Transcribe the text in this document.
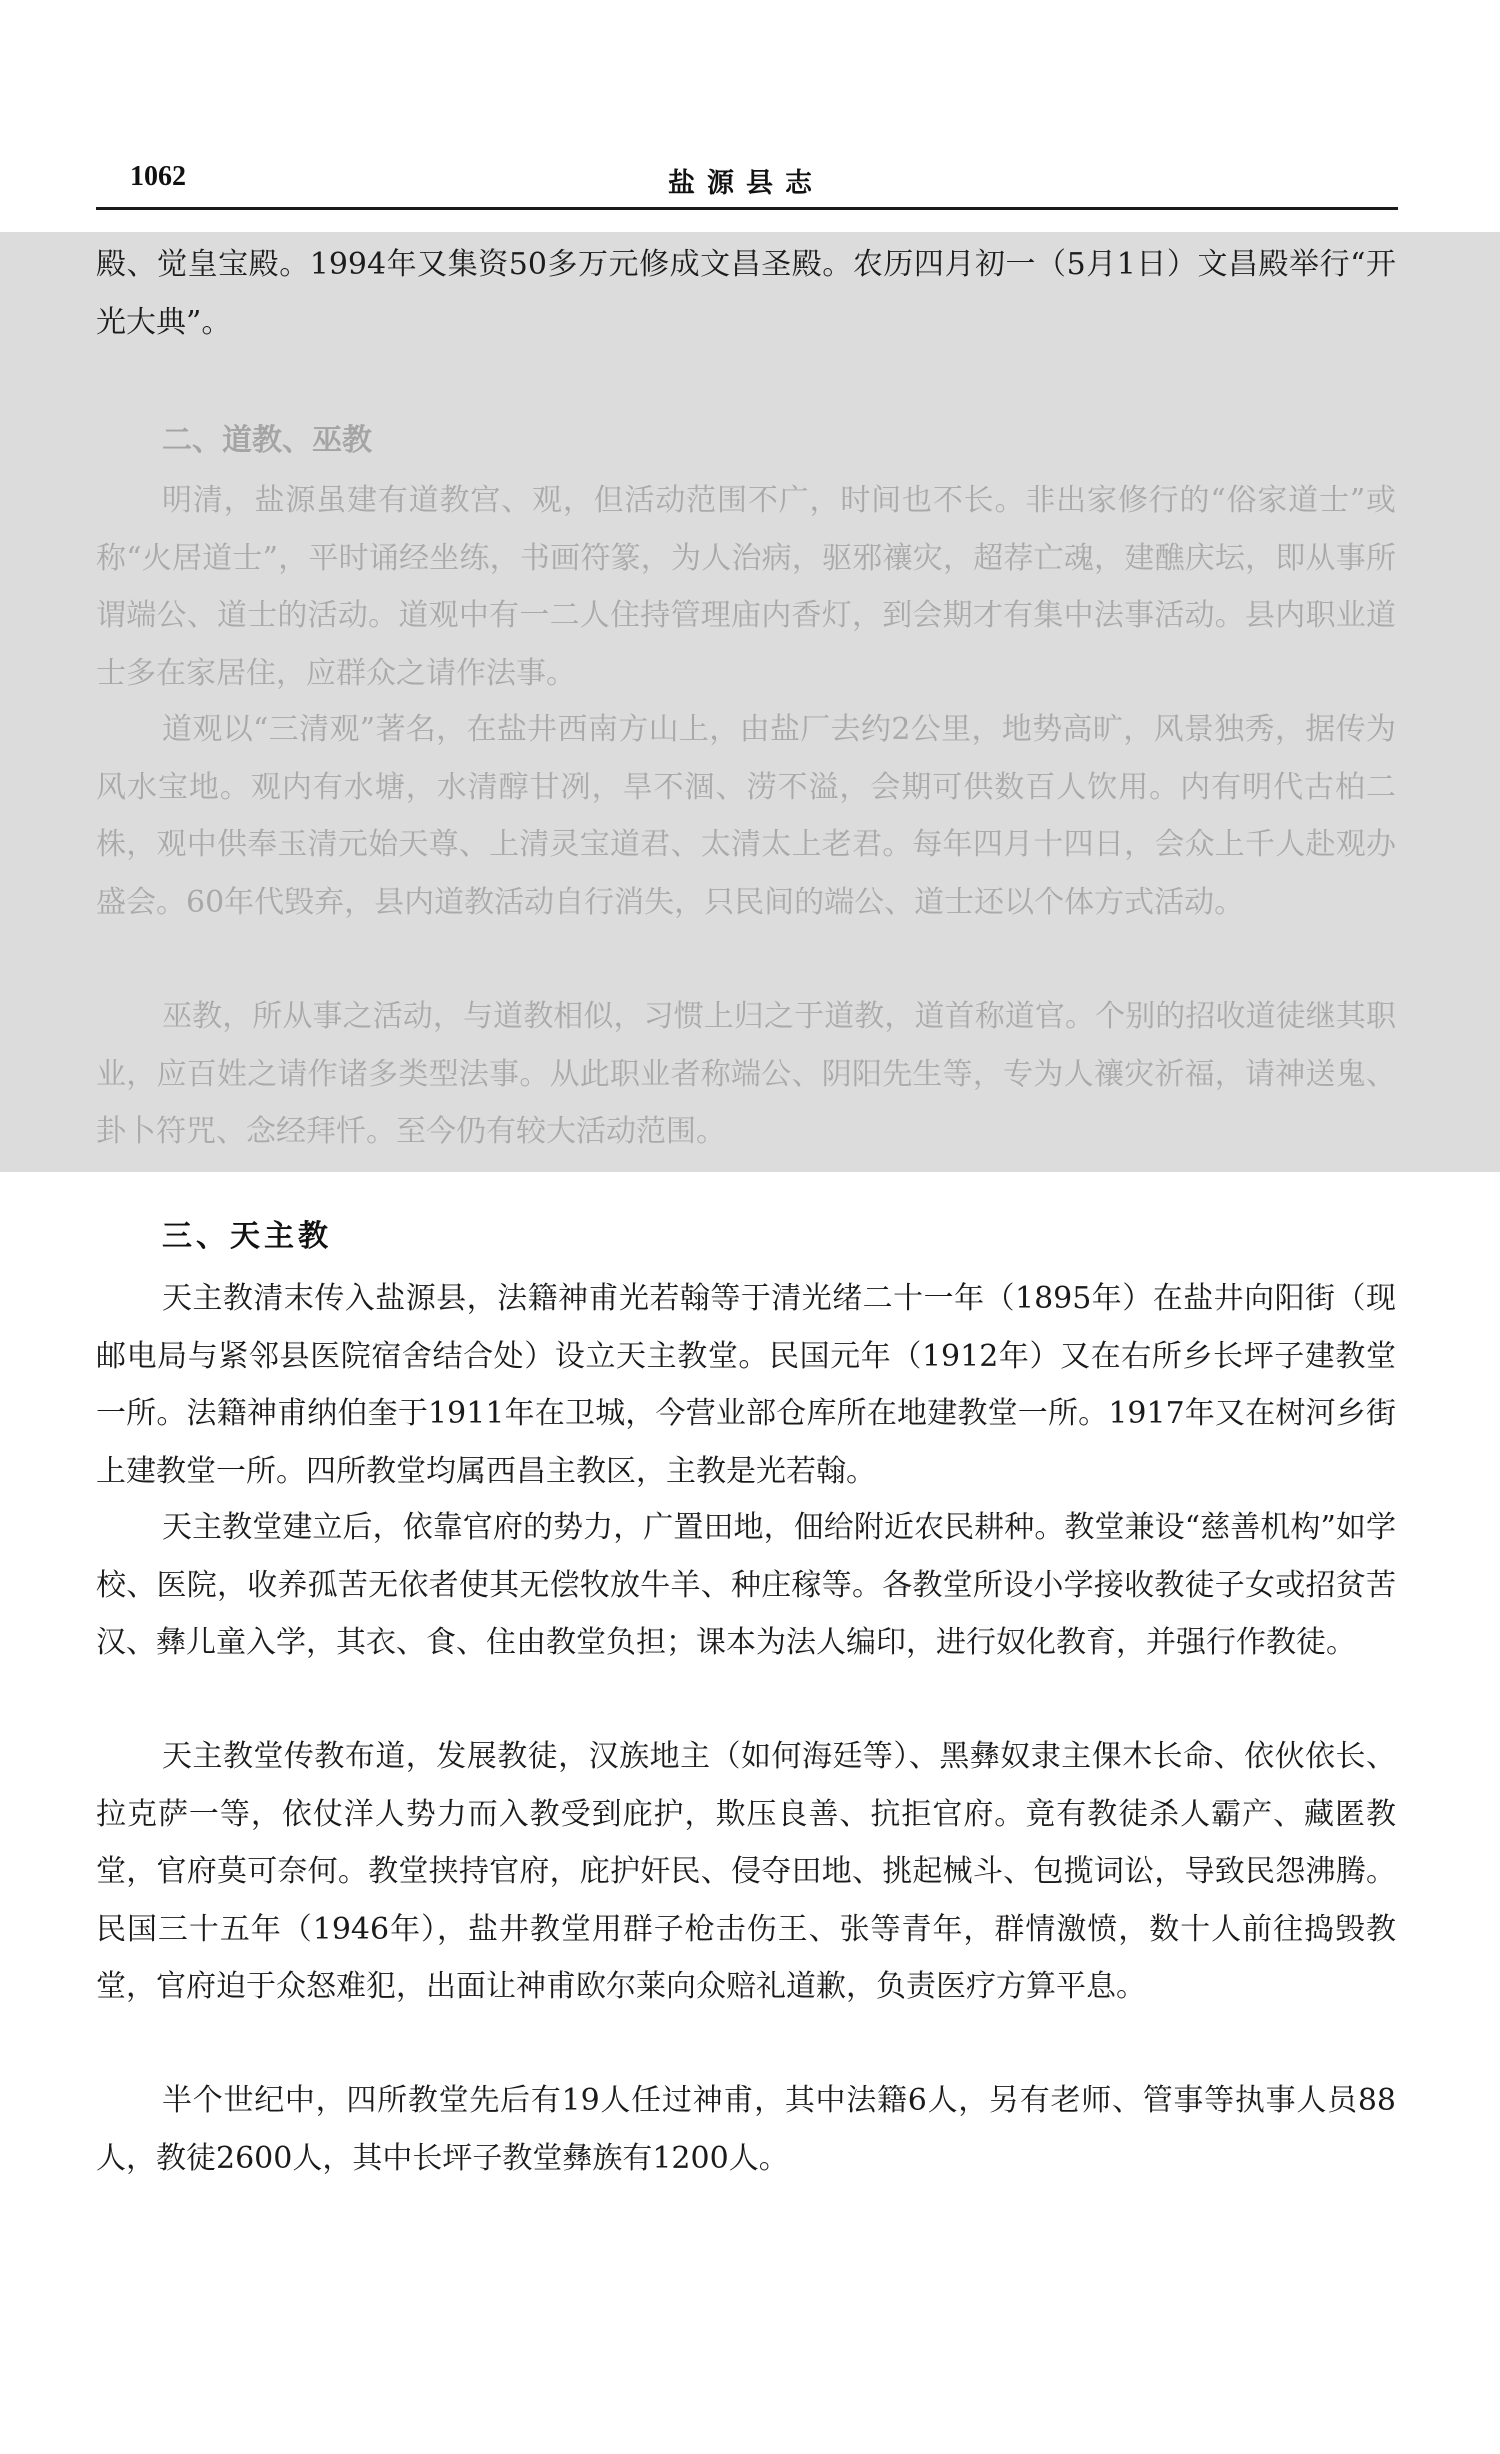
1062	盐源县志

殿、觉皇宝殿。1994年又集资50多万元修成文昌圣殿。农历四月初一（5月1日）文昌殿举行“开光大典”。

二、道教、巫教

明清，盐源虽建有道教宫、观，但活动范围不广，时间也不长。非出家修行的“俗家道士”或称“火居道士”，平时诵经坐练，书画符篆，为人治病，驱邪禳灾，超荐亡魂，建醮庆坛，即从事所谓端公、道士的活动。道观中有一二人住持管理庙内香灯，到会期才有集中法事活动。县内职业道士多在家居住，应群众之请作法事。

道观以“三清观”著名，在盐井西南方山上，由盐厂去约2公里，地势高旷，风景独秀，据传为风水宝地。观内有水塘，水清醇甘冽，旱不涸、涝不溢，会期可供数百人饮用。内有明代古柏二株，观中供奉玉清元始天尊、上清灵宝道君、太清太上老君。每年四月十四日，会众上千人赴观办盛会。60年代毁弃，县内道教活动自行消失，只民间的端公、道士还以个体方式活动。

巫教，所从事之活动，与道教相似，习惯上归之于道教，道首称道官。个别的招收道徒继其职业，应百姓之请作诸多类型法事。从此职业者称端公、阴阳先生等，专为人禳灾祈福，请神送鬼、卦卜符咒、念经拜忏。至今仍有较大活动范围。

三、天主教

天主教清末传入盐源县，法籍神甫光若翰等于清光绪二十一年（1895年）在盐井向阳街（现邮电局与紧邻县医院宿舍结合处）设立天主教堂。民国元年（1912年）又在右所乡长坪子建教堂一所。法籍神甫纳伯奎于1911年在卫城，今营业部仓库所在地建教堂一所。1917年又在树河乡街上建教堂一所。四所教堂均属西昌主教区，主教是光若翰。

天主教堂建立后，依靠官府的势力，广置田地，佃给附近农民耕种。教堂兼设“慈善机构”如学校、医院，收养孤苦无依者使其无偿牧放牛羊、种庄稼等。各教堂所设小学接收教徒子女或招贫苦汉、彝儿童入学，其衣、食、住由教堂负担；课本为法人编印，进行奴化教育，并强行作教徒。

天主教堂传教布道，发展教徒，汉族地主（如何海廷等）、黑彝奴隶主倮木长命、依伙依长、拉克萨一等，依仗洋人势力而入教受到庇护，欺压良善、抗拒官府。竟有教徒杀人霸产、藏匿教堂，官府莫可奈何。教堂挟持官府，庇护奸民、侵夺田地、挑起械斗、包揽词讼，导致民怨沸腾。民国三十五年（1946年），盐井教堂用群子枪击伤王、张等青年，群情激愤，数十人前往捣毁教堂，官府迫于众怒难犯，出面让神甫欧尔莱向众赔礼道歉，负责医疗方算平息。

半个世纪中，四所教堂先后有19人任过神甫，其中法籍6人，另有老师、管事等执事人员88人，教徒2600人，其中长坪子教堂彝族有1200人。
